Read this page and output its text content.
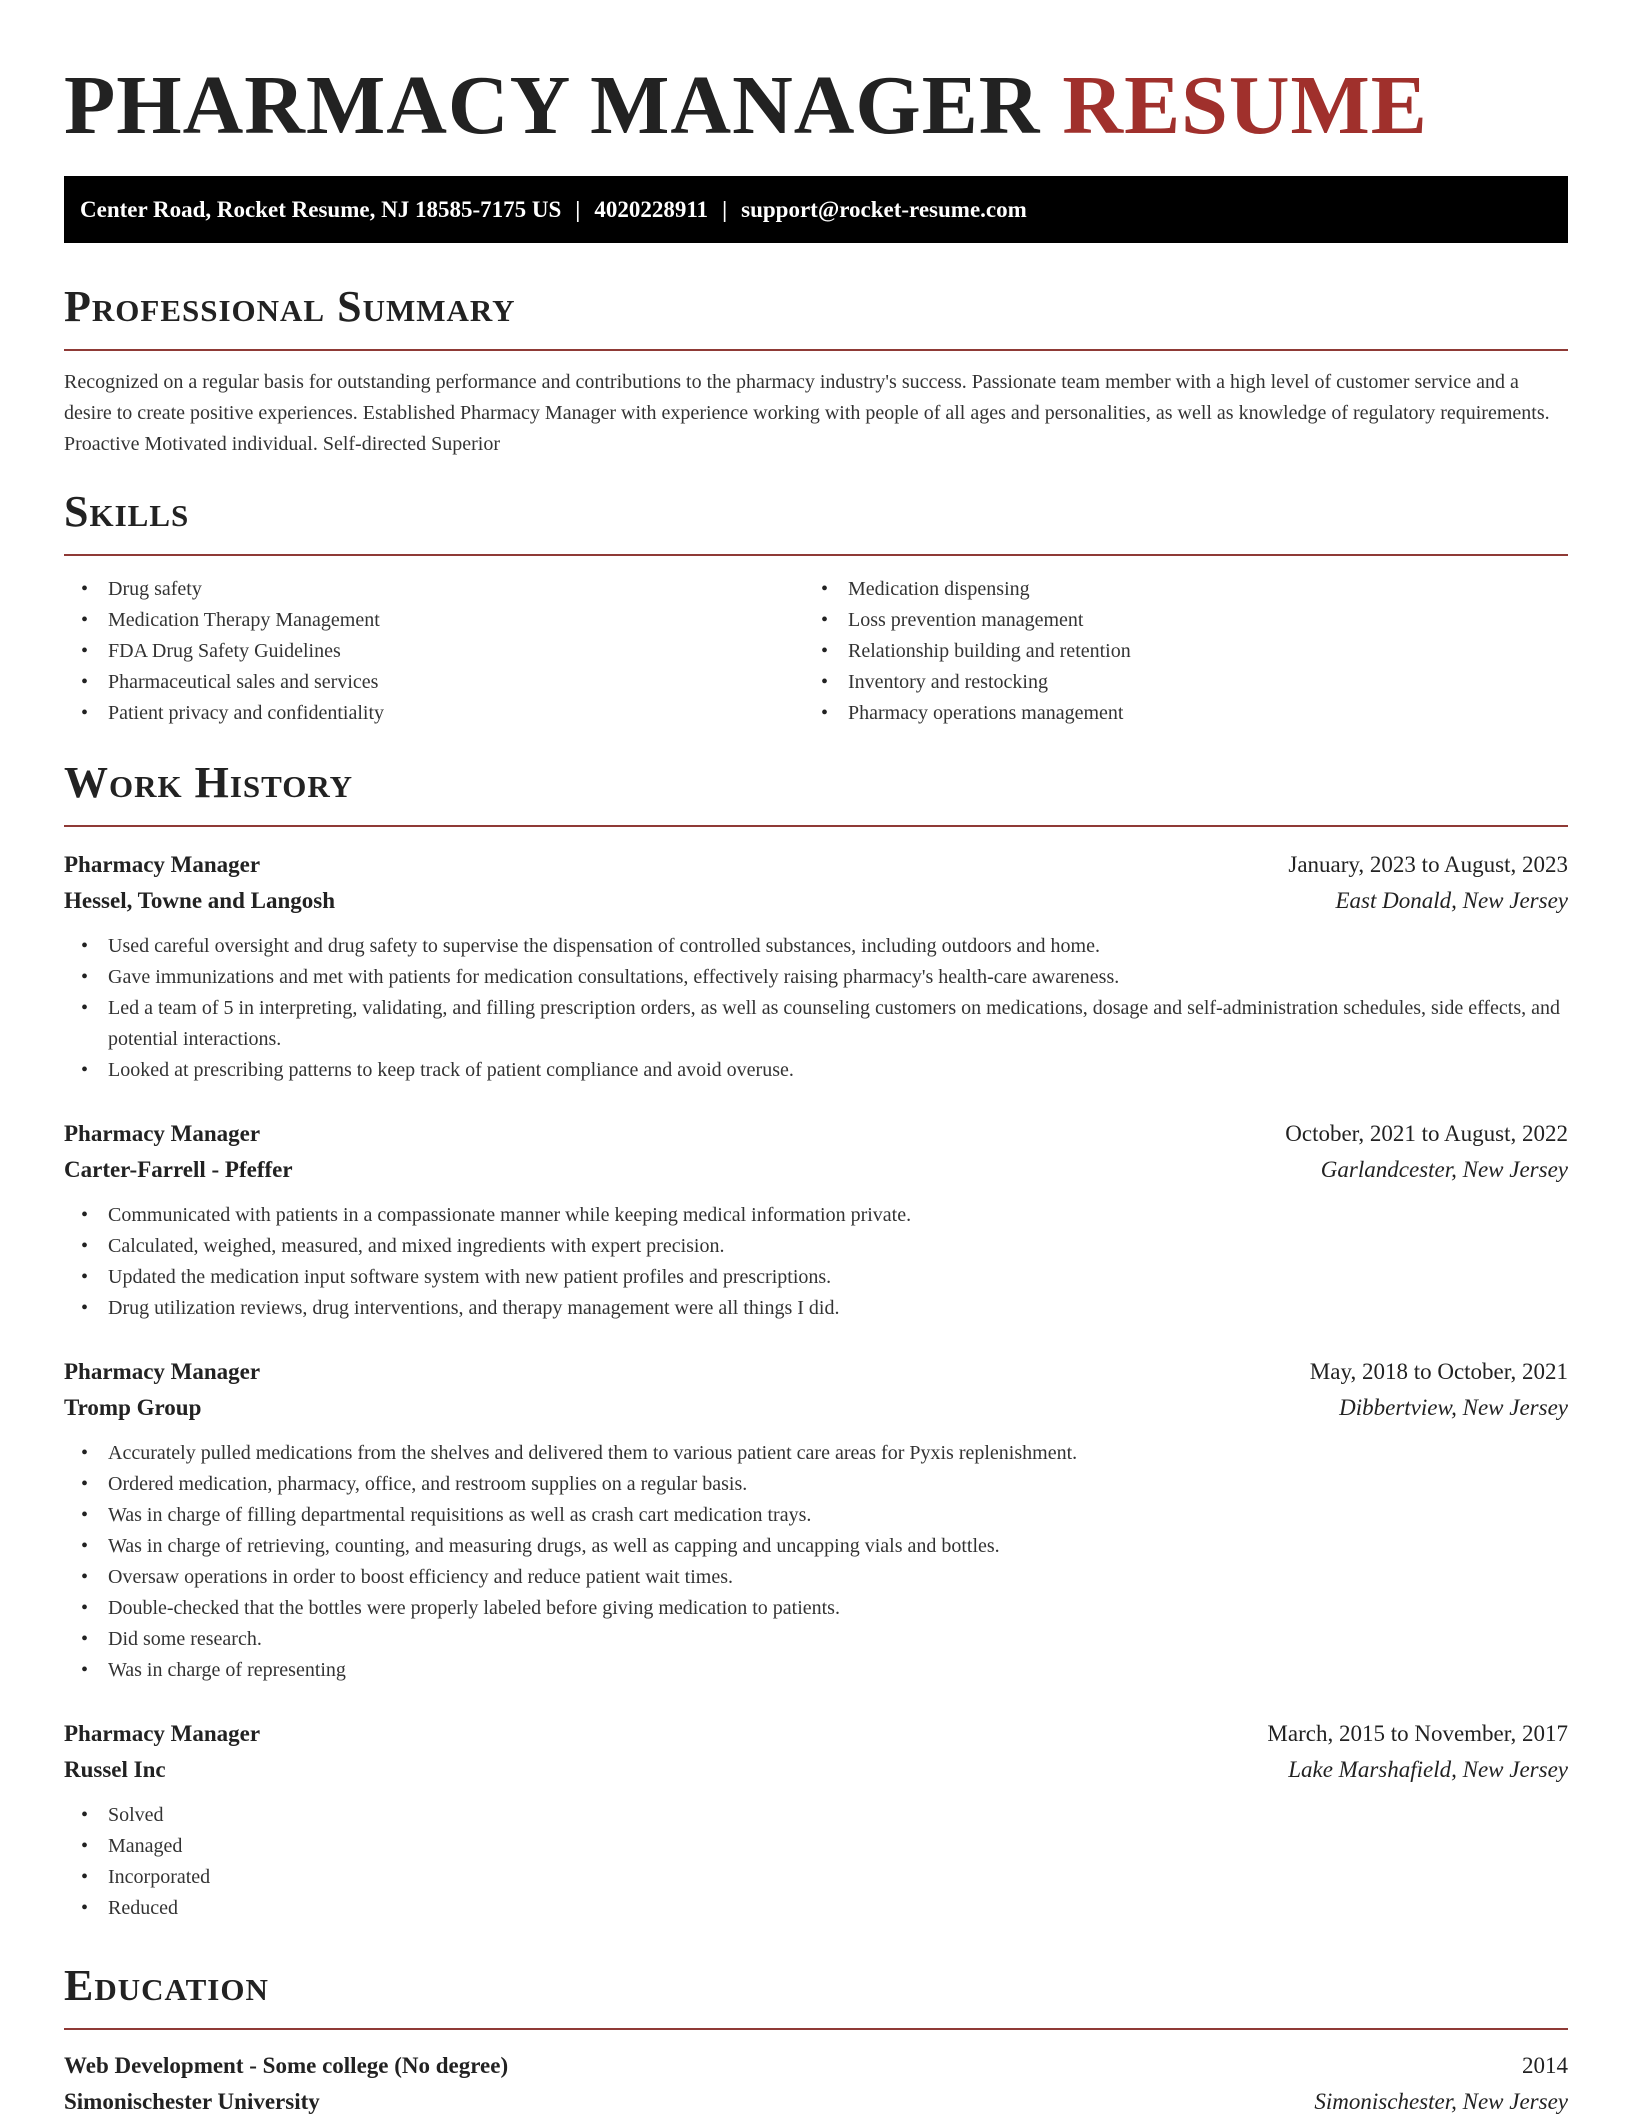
PHARMACY MANAGER RESUME
Center Road, Rocket Resume, NJ 18585-7175 US | 4020228911 | support@rocket-resume.com
Professional Summary

Recognized on a regular basis for outstanding performance and contributions to the pharmacy industry's success. Passionate team member with a high level of customer service and a desire to create positive experiences. Established Pharmacy Manager with experience working with people of all ages and personalities, as well as knowledge of regulatory requirements. Proactive Motivated individual. Self-directed Superior

Skills
• Drug safety
• Medication Therapy Management
• FDA Drug Safety Guidelines
• Pharmaceutical sales and services
• Patient privacy and confidentiality
• Medication dispensing
• Loss prevention management
• Relationship building and retention
• Inventory and restocking
• Pharmacy operations management
Work History
Pharmacy Manager	January, 2023 to August, 2023
Hessel, Towne and Langosh	East Donald, New Jersey
• Used careful oversight and drug safety to supervise the dispensation of controlled substances, including outdoors and home.
• Gave immunizations and met with patients for medication consultations, effectively raising pharmacy's health-care awareness.
• Led a team of 5 in interpreting, validating, and filling prescription orders, as well as counseling customers on medications, dosage and self-administration schedules, side effects, and potential interactions.
• Looked at prescribing patterns to keep track of patient compliance and avoid overuse.
Pharmacy Manager	October, 2021 to August, 2022
Carter-Farrell - Pfeffer	Garlandcester, New Jersey
• Communicated with patients in a compassionate manner while keeping medical information private.
• Calculated, weighed, measured, and mixed ingredients with expert precision.
• Updated the medication input software system with new patient profiles and prescriptions.
• Drug utilization reviews, drug interventions, and therapy management were all things I did.
Pharmacy Manager	May, 2018 to October, 2021
Tromp Group	Dibbertview, New Jersey
• Accurately pulled medications from the shelves and delivered them to various patient care areas for Pyxis replenishment.
• Ordered medication, pharmacy, office, and restroom supplies on a regular basis.
• Was in charge of filling departmental requisitions as well as crash cart medication trays.
• Was in charge of retrieving, counting, and measuring drugs, as well as capping and uncapping vials and bottles.
• Oversaw operations in order to boost efficiency and reduce patient wait times.
• Double-checked that the bottles were properly labeled before giving medication to patients.
• Did some research.
• Was in charge of representing
Pharmacy Manager	March, 2015 to November, 2017
Russel Inc	Lake Marshafield, New Jersey
• Solved
• Managed
• Incorporated
• Reduced
Education
Web Development - Some college (No degree)	2014
Simonischester University	Simonischester, New Jersey
